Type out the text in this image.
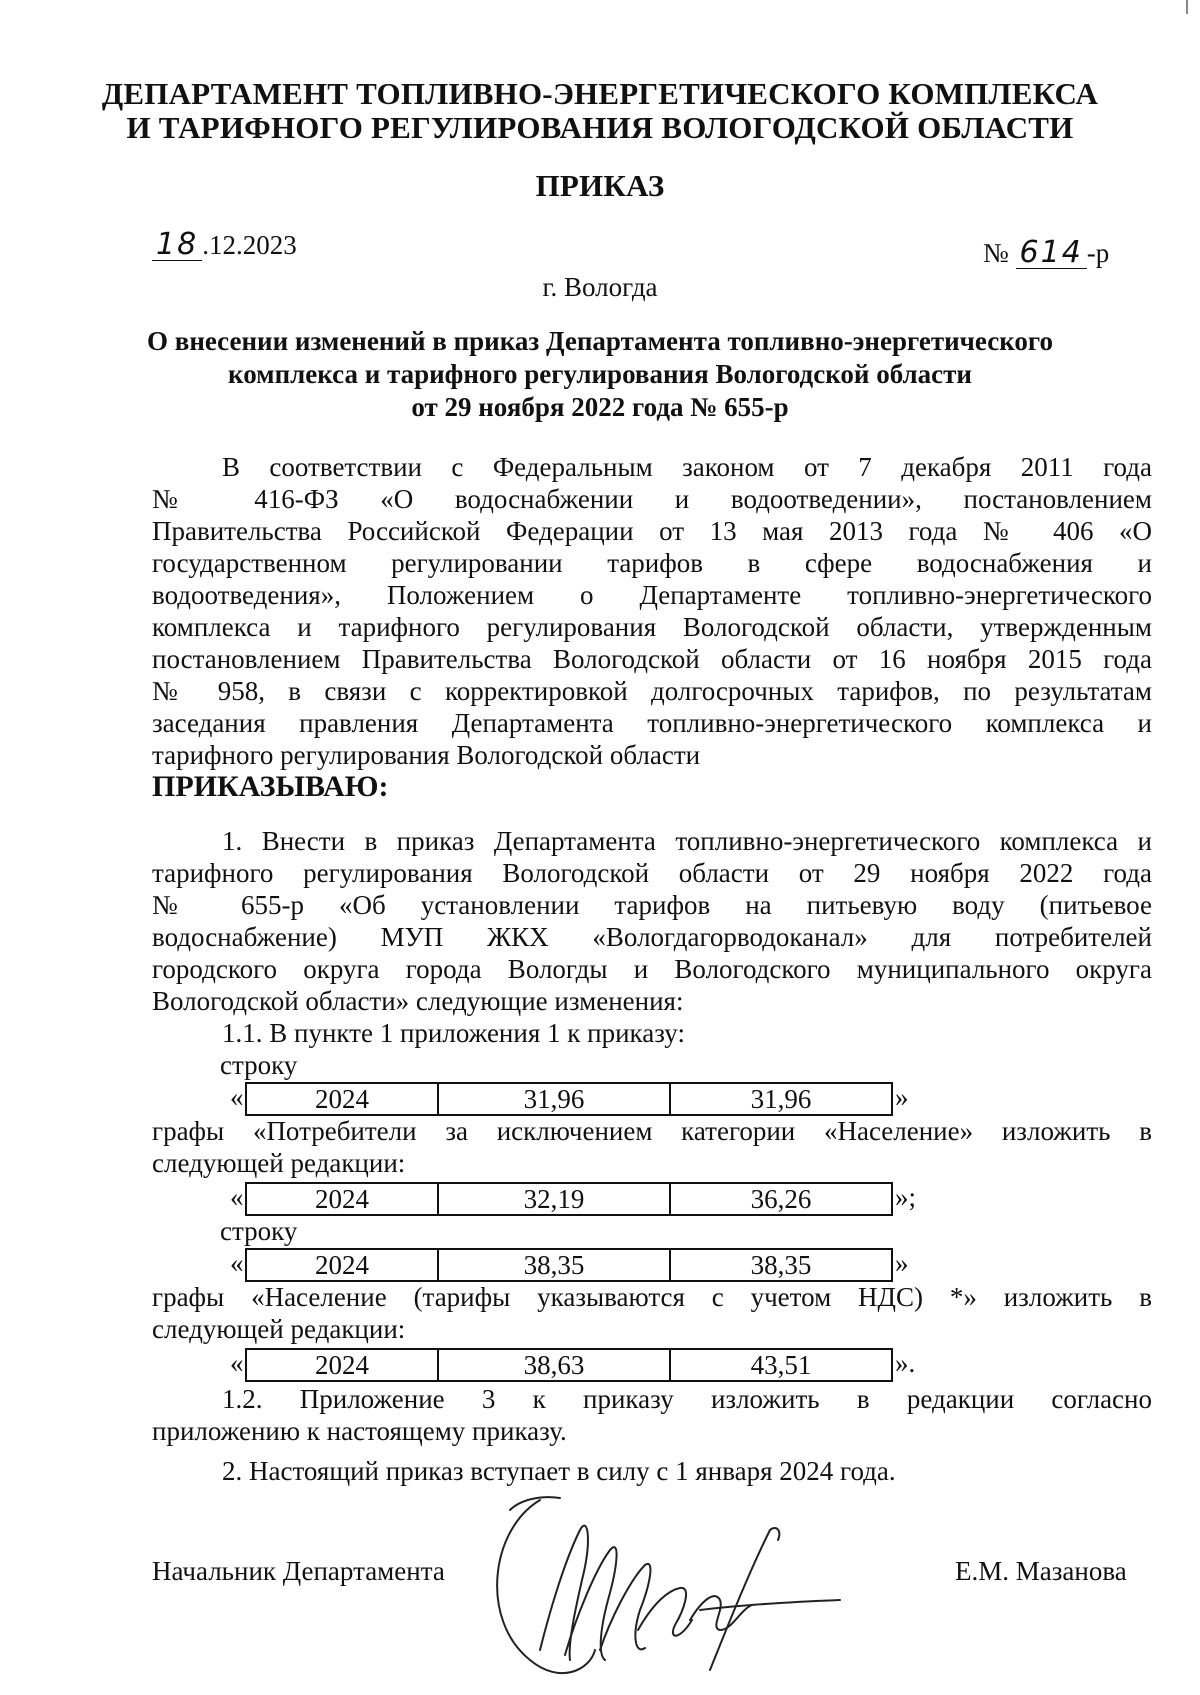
ДЕПАРТАМЕНТ ТОПЛИВНО-ЭНЕРГЕТИЧЕСКОГО КОМПЛЕКСА
И ТАРИФНОГО РЕГУЛИРОВАНИЯ ВОЛОГОДСКОЙ ОБЛАСТИ
ПРИКАЗ
18 .12.2023	№ 614 -р
г. Вологда
О внесении изменений в приказ Департамента топливно-энергетического
комплекса и тарифного регулирования Вологодской области
от 29 ноября 2022 года № 655-р
В соответствии с Федеральным законом от 7 декабря 2011 года
№ 416-ФЗ «О водоснабжении и водоотведении», постановлением
Правительства Российской Федерации от 13 мая 2013 года № 406 «О
государственном регулировании тарифов в сфере водоснабжения и
водоотведения», Положением о Департаменте топливно-энергетического
комплекса и тарифного регулирования Вологодской области, утвержденным
постановлением Правительства Вологодской области от 16 ноября 2015 года
№ 958, в связи с корректировкой долгосрочных тарифов, по результатам
заседания правления Департамента топливно-энергетического комплекса и
тарифного регулирования Вологодской области
ПРИКАЗЫВАЮ:
1. Внести в приказ Департамента топливно-энергетического комплекса и
тарифного регулирования Вологодской области от 29 ноября 2022 года
№ 655-р «Об установлении тарифов на питьевую воду (питьевое
водоснабжение) МУП ЖКХ «Вологдагорводоканал» для потребителей
городского округа города Вологды и Вологодского муниципального округа
Вологодской области» следующие изменения:
1.1. В пункте 1 приложения 1 к приказу:
строку
«	2024	31,96	31,96	»
графы «Потребители за исключением категории «Население» изложить в
следующей редакции:
«	2024	32,19	36,26	»;
строку
«	2024	38,35	38,35	»
графы «Население (тарифы указываются с учетом НДС) *» изложить в
следующей редакции:
«	2024	38,63	43,51	».
1.2. Приложение 3 к приказу изложить в редакции согласно
приложению к настоящему приказу.
2. Настоящий приказ вступает в силу с 1 января 2024 года.
Начальник Департамента	Е.М. Мазанова
